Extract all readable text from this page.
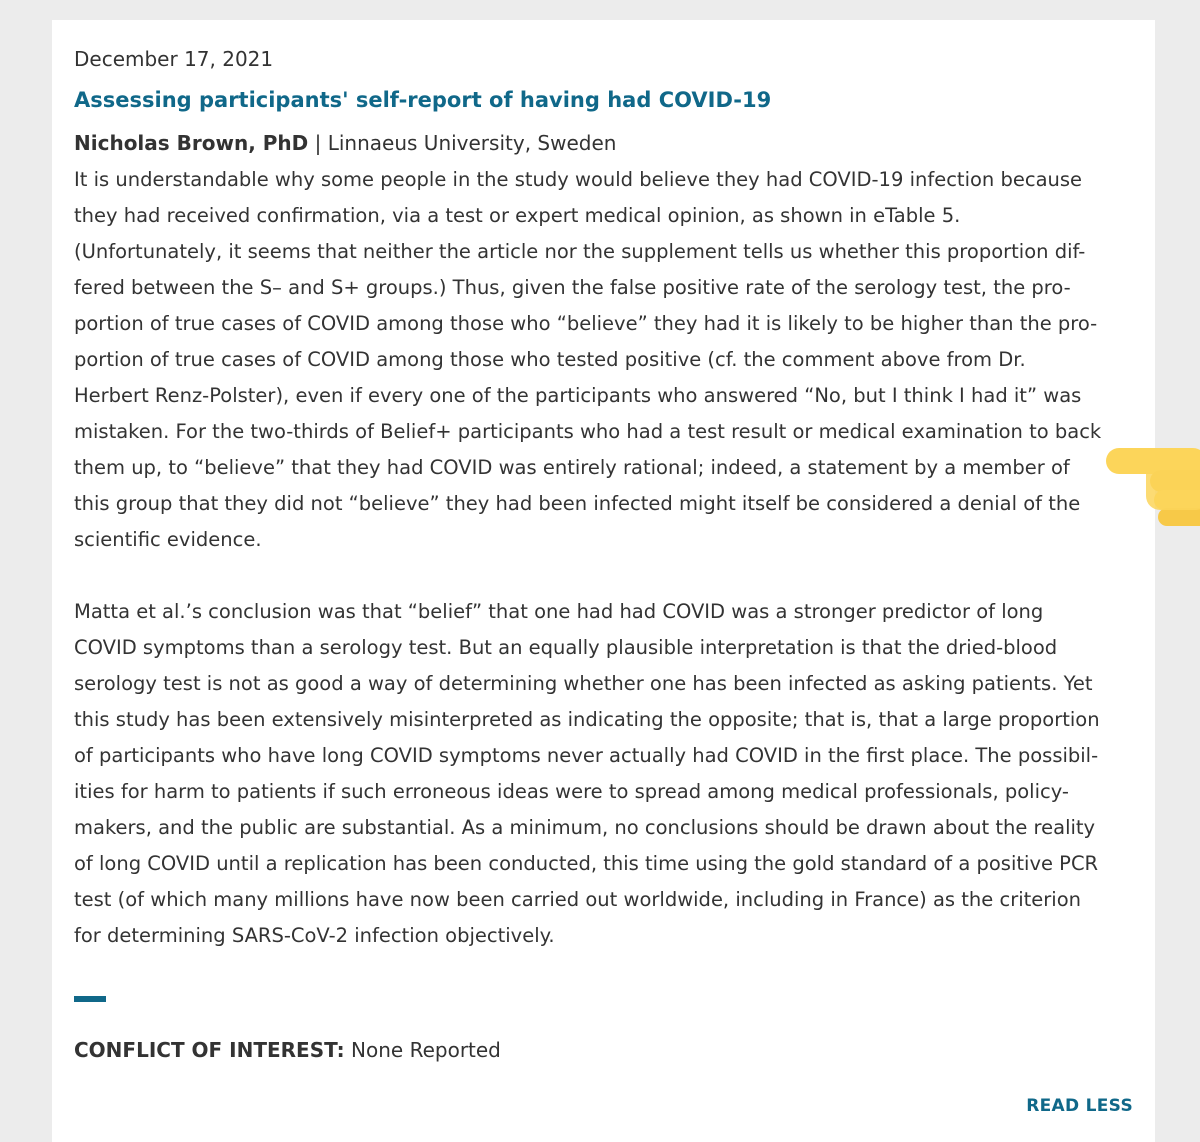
December 17, 2021
Assessing participants' self-report of having had COVID-19
Nicholas Brown, PhD | Linnaeus University, Sweden

It is understandable why some people in the study would believe they had COVID-19 infection because
they had received confirmation, via a test or expert medical opinion, as shown in eTable 5.
(Unfortunately, it seems that neither the article nor the supplement tells us whether this proportion dif-
fered between the S– and S+ groups.) Thus, given the false positive rate of the serology test, the pro-
portion of true cases of COVID among those who “believe” they had it is likely to be higher than the pro-
portion of true cases of COVID among those who tested positive (cf. the comment above from Dr.
Herbert Renz-Polster), even if every one of the participants who answered “No, but I think I had it” was
mistaken. For the two-thirds of Belief+ participants who had a test result or medical examination to back
them up, to “believe” that they had COVID was entirely rational; indeed, a statement by a member of
this group that they did not “believe” they had been infected might itself be considered a denial of the
scientific evidence.

Matta et al.’s conclusion was that “belief” that one had had COVID was a stronger predictor of long
COVID symptoms than a serology test. But an equally plausible interpretation is that the dried-blood
serology test is not as good a way of determining whether one has been infected as asking patients. Yet
this study has been extensively misinterpreted as indicating the opposite; that is, that a large proportion
of participants who have long COVID symptoms never actually had COVID in the first place. The possibil-
ities for harm to patients if such erroneous ideas were to spread among medical professionals, policy-
makers, and the public are substantial. As a minimum, no conclusions should be drawn about the reality
of long COVID until a replication has been conducted, this time using the gold standard of a positive PCR
test (of which many millions have now been carried out worldwide, including in France) as the criterion
for determining SARS-CoV-2 infection objectively.

CONFLICT OF INTEREST: None Reported
READ LESS
